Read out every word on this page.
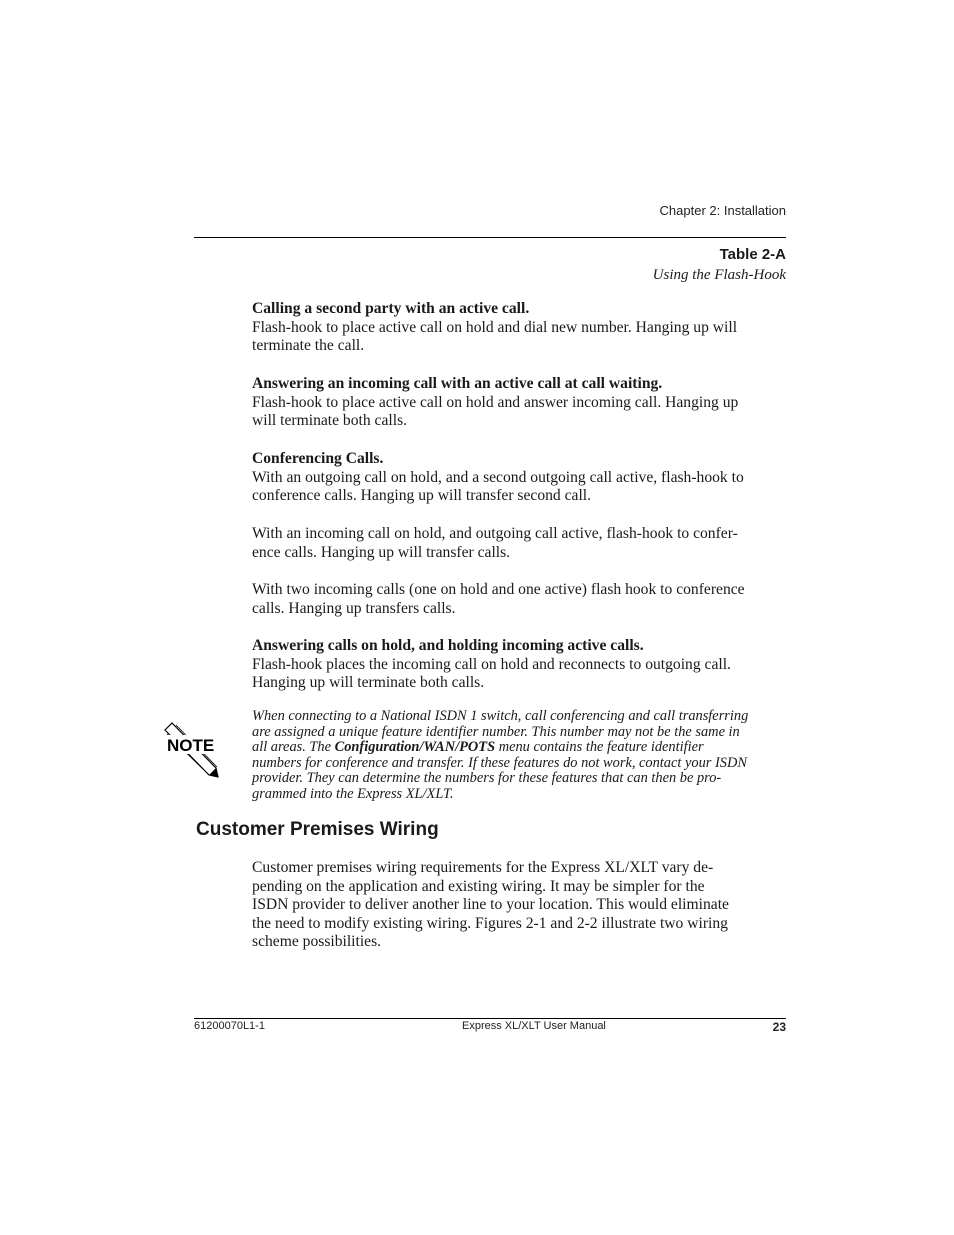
Chapter 2: Installation
Table 2-A
Using the Flash-Hook
Calling a second party with an active call.
Flash-hook to place active call on hold and dial new number. Hanging up will
terminate the call.
Answering an incoming call with an active call at call waiting.
Flash-hook to place active call on hold and answer incoming call. Hanging up
will terminate both calls.
Conferencing Calls.
With an outgoing call on hold, and a second outgoing call active, flash-hook to
conference calls. Hanging up will transfer second call.
With an incoming call on hold, and outgoing call active, flash-hook to confer-
ence calls. Hanging up will transfer calls.
With two incoming calls (one on hold and one active) flash hook to conference
calls. Hanging up transfers calls.
Answering calls on hold, and holding incoming active calls.
Flash-hook places the incoming call on hold and reconnects to outgoing call.
Hanging up will terminate both calls.
NOTE
When connecting to a National ISDN 1 switch, call conferencing and call transferring
are assigned a unique feature identifier number. This number may not be the same in
all areas. The Configuration/WAN/POTS menu contains the feature identifier
numbers for conference and transfer. If these features do not work, contact your ISDN
provider. They can determine the numbers for these features that can then be pro-
grammed into the Express XL/XLT.
Customer Premises Wiring
Customer premises wiring requirements for the Express XL/XLT vary de-
pending on the application and existing wiring. It may be simpler for the
ISDN provider to deliver another line to your location. This would eliminate
the need to modify existing wiring. Figures 2-1 and 2-2 illustrate two wiring
scheme possibilities.
61200070L1-1	Express XL/XLT User Manual	23
